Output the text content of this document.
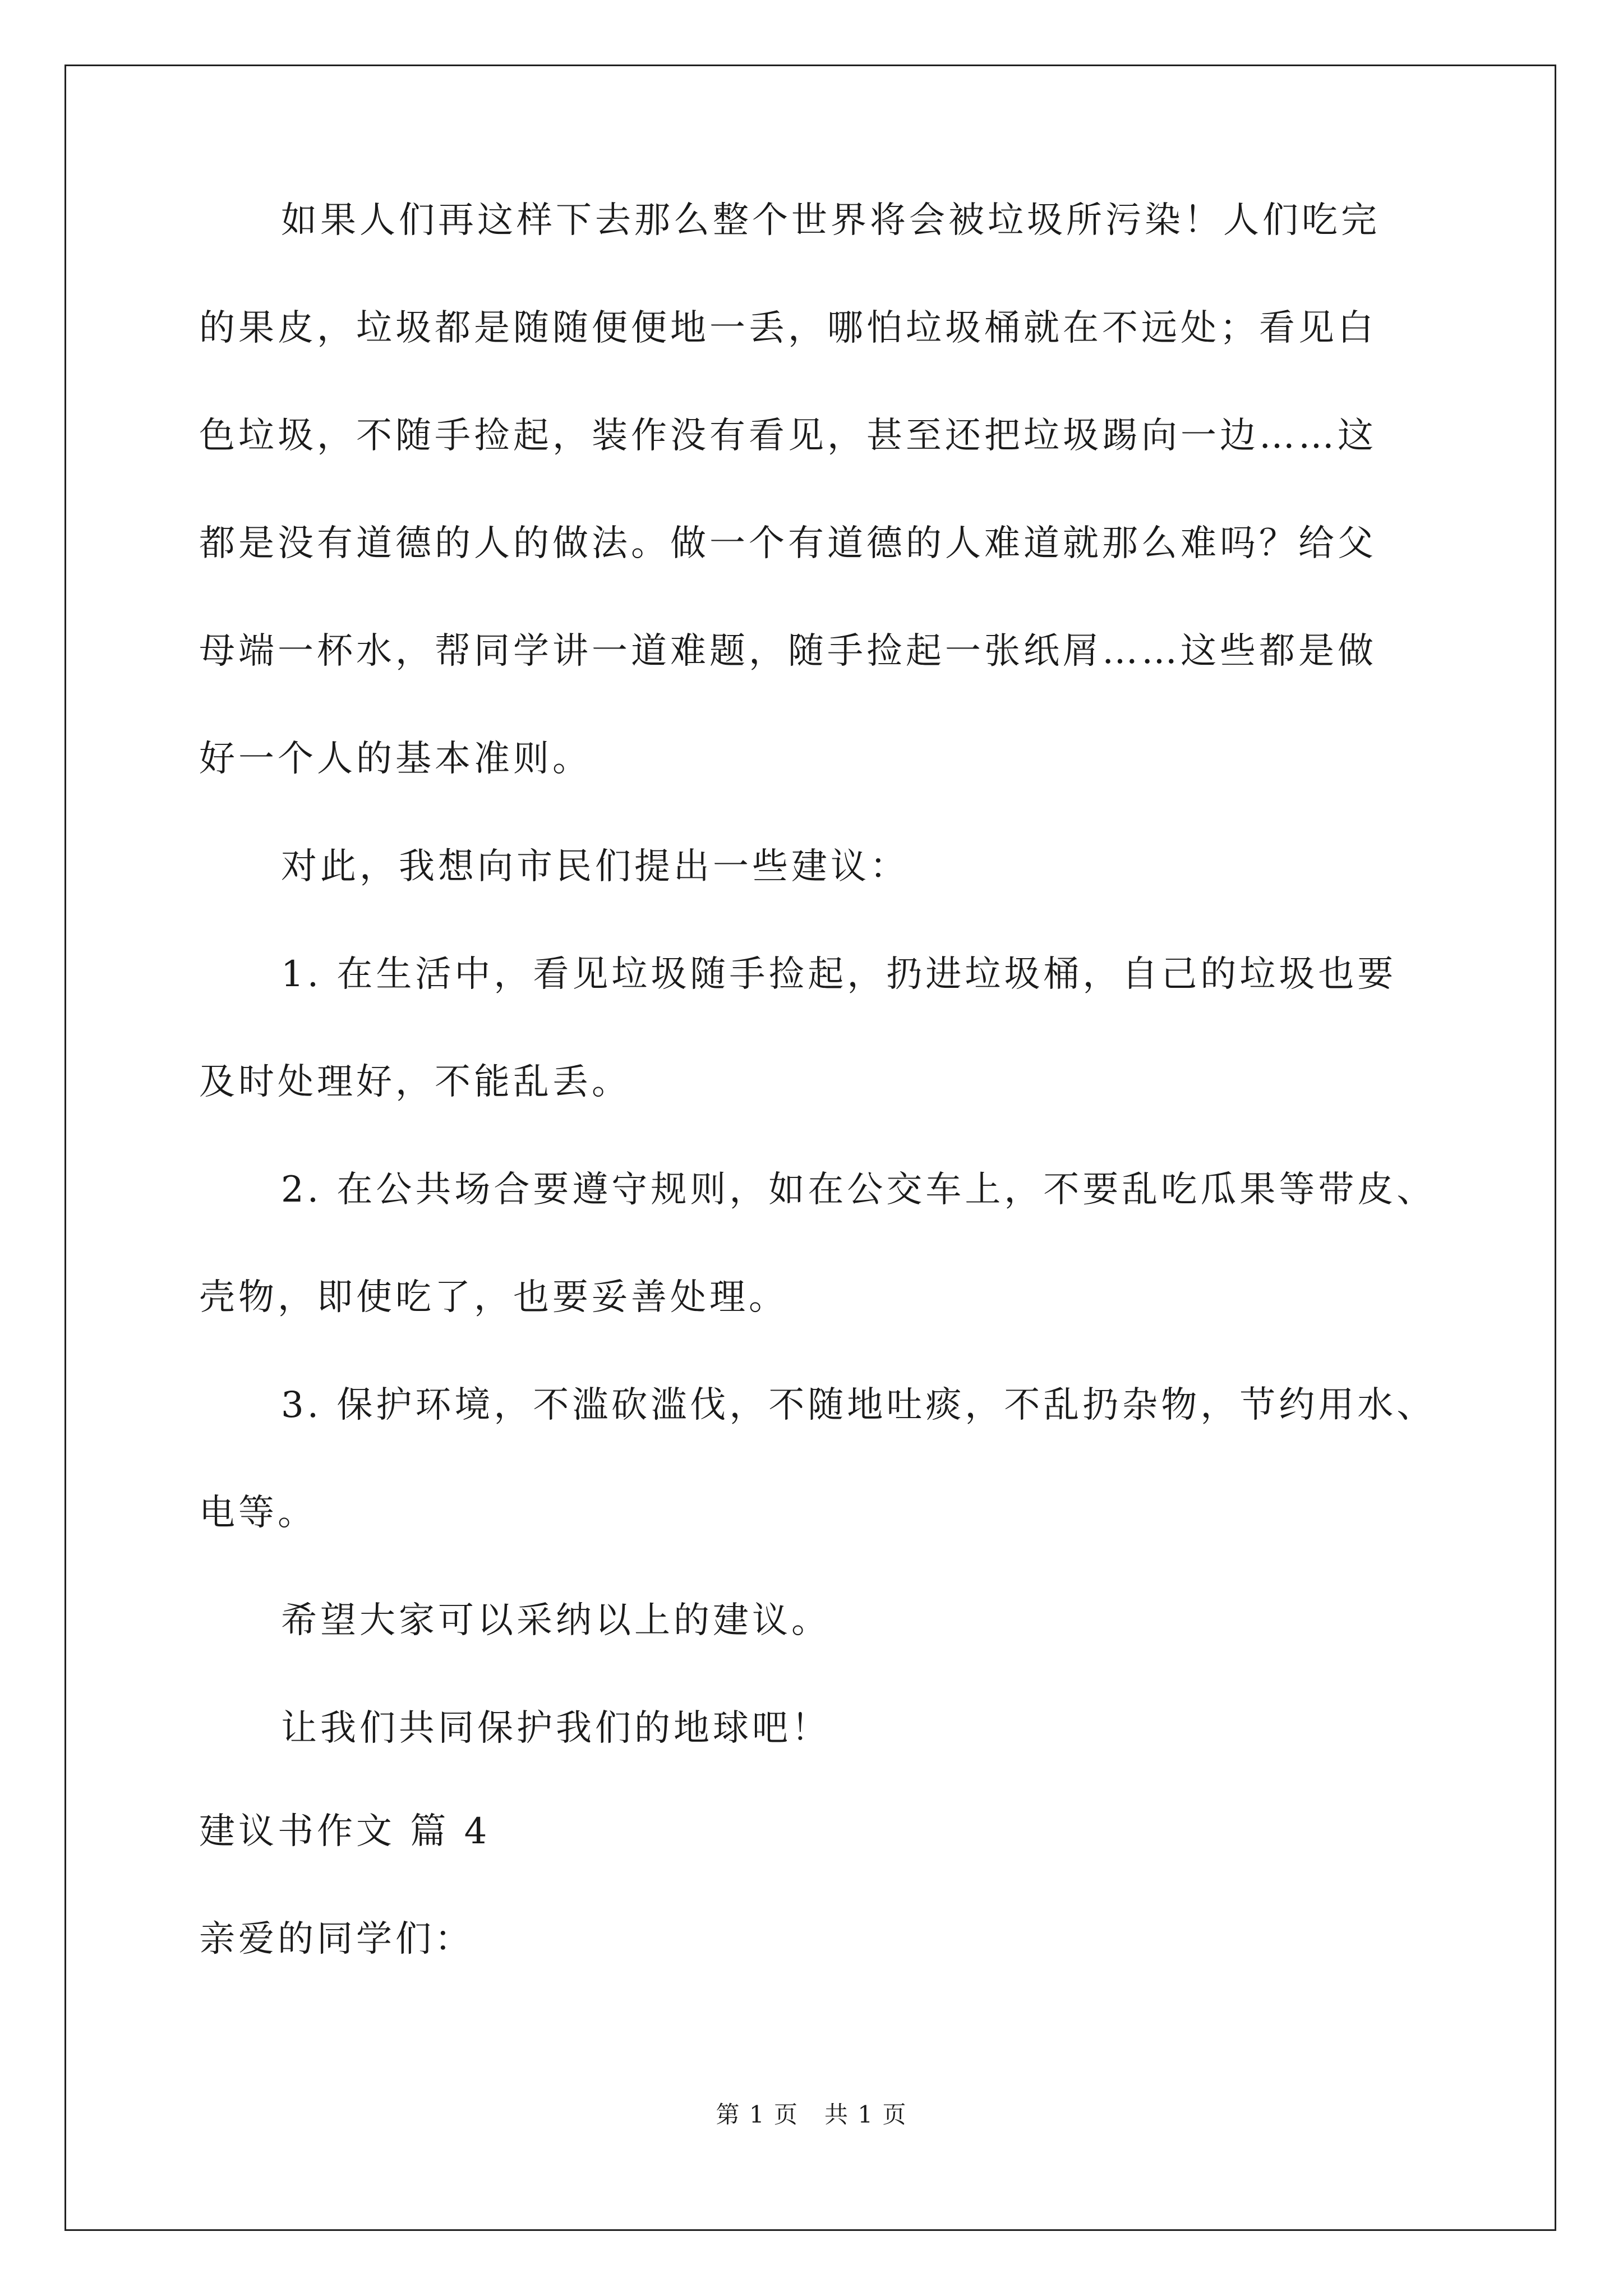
如果人们再这样下去那么整个世界将会被垃圾所污染！人们吃完
的果皮，垃圾都是随随便便地一丢，哪怕垃圾桶就在不远处；看见白
色垃圾，不随手捡起，装作没有看见，甚至还把垃圾踢向一边……这
都是没有道德的人的做法。做一个有道德的人难道就那么难吗？给父
母端一杯水，帮同学讲一道难题，随手捡起一张纸屑……这些都是做
好一个人的基本准则。
对此，我想向市民们提出一些建议：
1. 在生活中，看见垃圾随手捡起，扔进垃圾桶，自己的垃圾也要
及时处理好，不能乱丢。
2. 在公共场合要遵守规则，如在公交车上，不要乱吃瓜果等带皮、
壳物，即使吃了，也要妥善处理。
3. 保护环境，不滥砍滥伐，不随地吐痰，不乱扔杂物，节约用水、
电等。
希望大家可以采纳以上的建议。
让我们共同保护我们的地球吧！
建议书作文 篇 4
亲爱的同学们：
第 1 页   共 1 页
